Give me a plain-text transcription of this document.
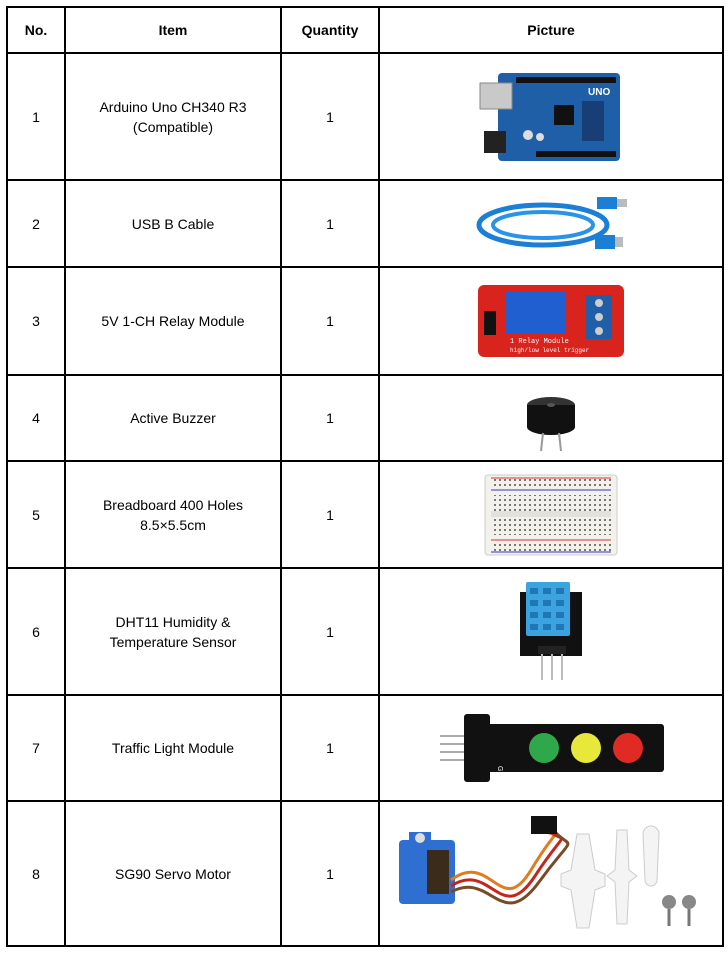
No.	Item	Quantity	Picture
1	Arduino Uno CH340 R3
(Compatible)	1	UNO

2	USB B Cable	1	

3	5V 1-CH Relay Module	1	1 Relay Module
high/low level trigger

4	Active Buzzer	1	

5	Breadboard 400 Holes
8.5×5.5cm	1	

6	DHT11 Humidity &
Temperature Sensor	1	

7	Traffic Light Module	1	GND

8	SG90 Servo Motor	1	
